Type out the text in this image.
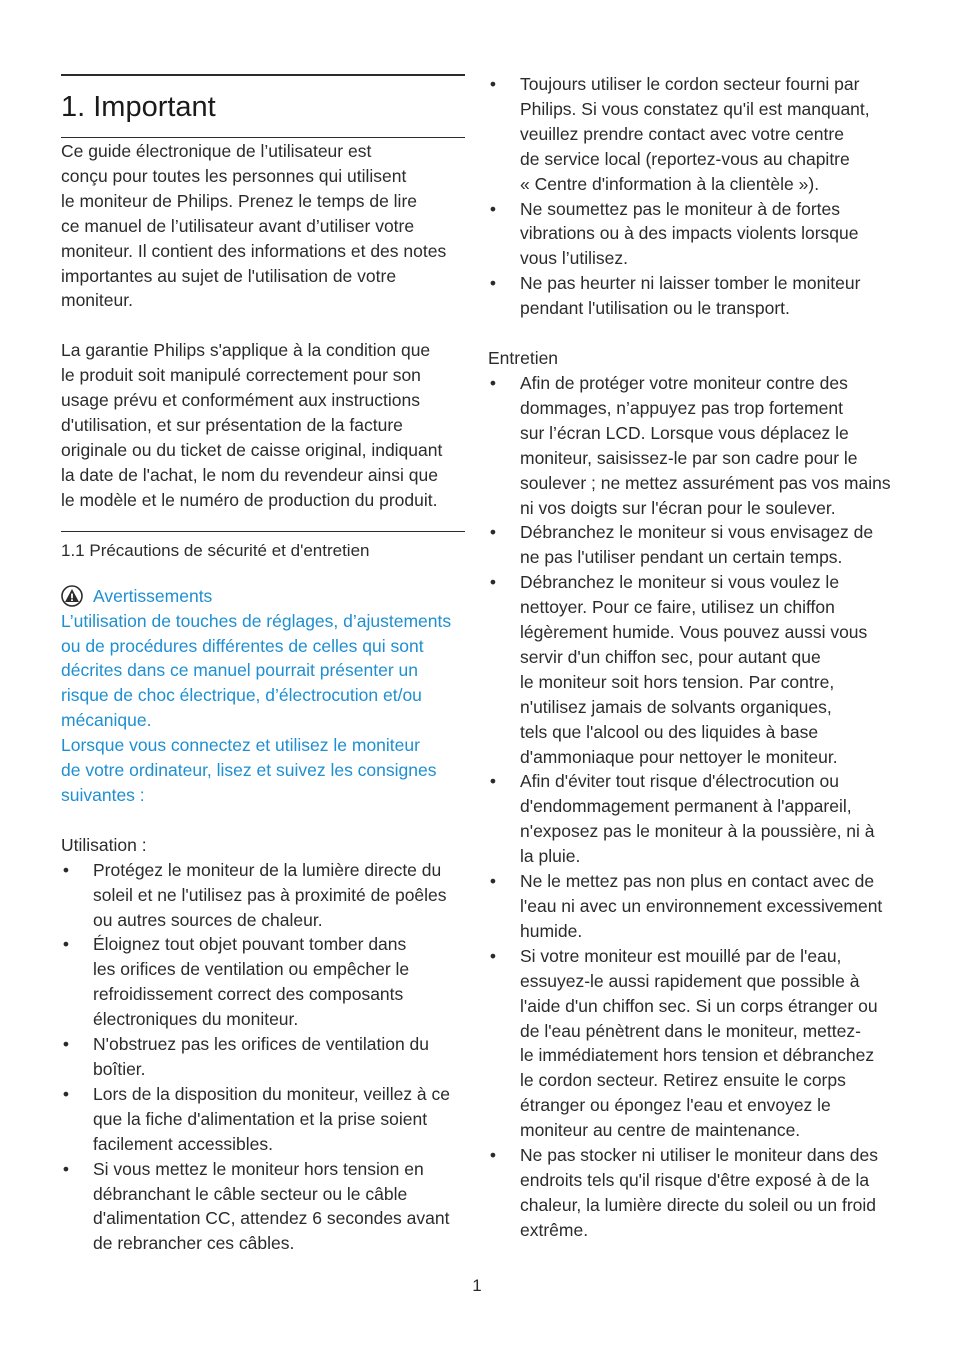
1. Important

Ce guide électronique de l’utilisateur est
conçu pour toutes les personnes qui utilisent
le moniteur de Philips. Prenez le temps de lire
ce manuel de l’utilisateur avant d’utiliser votre
moniteur. Il contient des informations et des notes
importantes au sujet de l'utilisation de votre
moniteur.

La garantie Philips s'applique à la condition que
le produit soit manipulé correctement pour son
usage prévu et conformément aux instructions
d'utilisation, et sur présentation de la facture
originale ou du ticket de caisse original, indiquant
la date de l'achat, le nom du revendeur ainsi que
le modèle et le numéro de production du produit.

1.1 Précautions de sécurité et d'entretien
Avertissements

L’utilisation de touches de réglages, d’ajustements
ou de procédures différentes de celles qui sont
décrites dans ce manuel pourrait présenter un
risque de choc électrique, d’électrocution et/ou
mécanique.
Lorsque vous connectez et utilisez le moniteur
de votre ordinateur, lisez et suivez les consignes
suivantes :

Utilisation :

• Protégez le moniteur de la lumière directe du
soleil et ne l'utilisez pas à proximité de poêles
ou autres sources de chaleur.
• Éloignez tout objet pouvant tomber dans
les orifices de ventilation ou empêcher le
refroidissement correct des composants
électroniques du moniteur.
• N'obstruez pas les orifices de ventilation du
boîtier.
• Lors de la disposition du moniteur, veillez à ce
que la fiche d'alimentation et la prise soient
facilement accessibles.
• Si vous mettez le moniteur hors tension en
débranchant le câble secteur ou le câble
d'alimentation CC, attendez 6 secondes avant
de rebrancher ces câbles.
• Toujours utiliser le cordon secteur fourni par
Philips. Si vous constatez qu'il est manquant,
veuillez prendre contact avec votre centre
de service local (reportez-vous au chapitre
« Centre d'information à la clientèle »).
• Ne soumettez pas le moniteur à de fortes
vibrations ou à des impacts violents lorsque
vous l’utilisez.
• Ne pas heurter ni laisser tomber le moniteur
pendant l'utilisation ou le transport.

Entretien

• Afin de protéger votre moniteur contre des
dommages, n’appuyez pas trop fortement
sur l’écran LCD. Lorsque vous déplacez le
moniteur, saisissez-le par son cadre pour le
soulever ; ne mettez assurément pas vos mains
ni vos doigts sur l'écran pour le soulever.
• Débranchez le moniteur si vous envisagez de
ne pas l'utiliser pendant un certain temps.
• Débranchez le moniteur si vous voulez le
nettoyer. Pour ce faire, utilisez un chiffon
légèrement humide. Vous pouvez aussi vous
servir d'un chiffon sec, pour autant que
le moniteur soit hors tension. Par contre,
n'utilisez jamais de solvants organiques,
tels que l'alcool ou des liquides à base
d'ammoniaque pour nettoyer le moniteur.
• Afin d'éviter tout risque d'électrocution ou
d'endommagement permanent à l'appareil,
n'exposez pas le moniteur à la poussière, ni à
la pluie.
• Ne le mettez pas non plus en contact avec de
l'eau ni avec un environnement excessivement
humide.
• Si votre moniteur est mouillé par de l'eau,
essuyez-le aussi rapidement que possible à
l'aide d'un chiffon sec. Si un corps étranger ou
de l'eau pénètrent dans le moniteur, mettez-
le immédiatement hors tension et débranchez
le cordon secteur. Retirez ensuite le corps
étranger ou épongez l'eau et envoyez le
moniteur au centre de maintenance.
• Ne pas stocker ni utiliser le moniteur dans des
endroits tels qu'il risque d'être exposé à de la
chaleur, la lumière directe du soleil ou un froid
extrême.
1
